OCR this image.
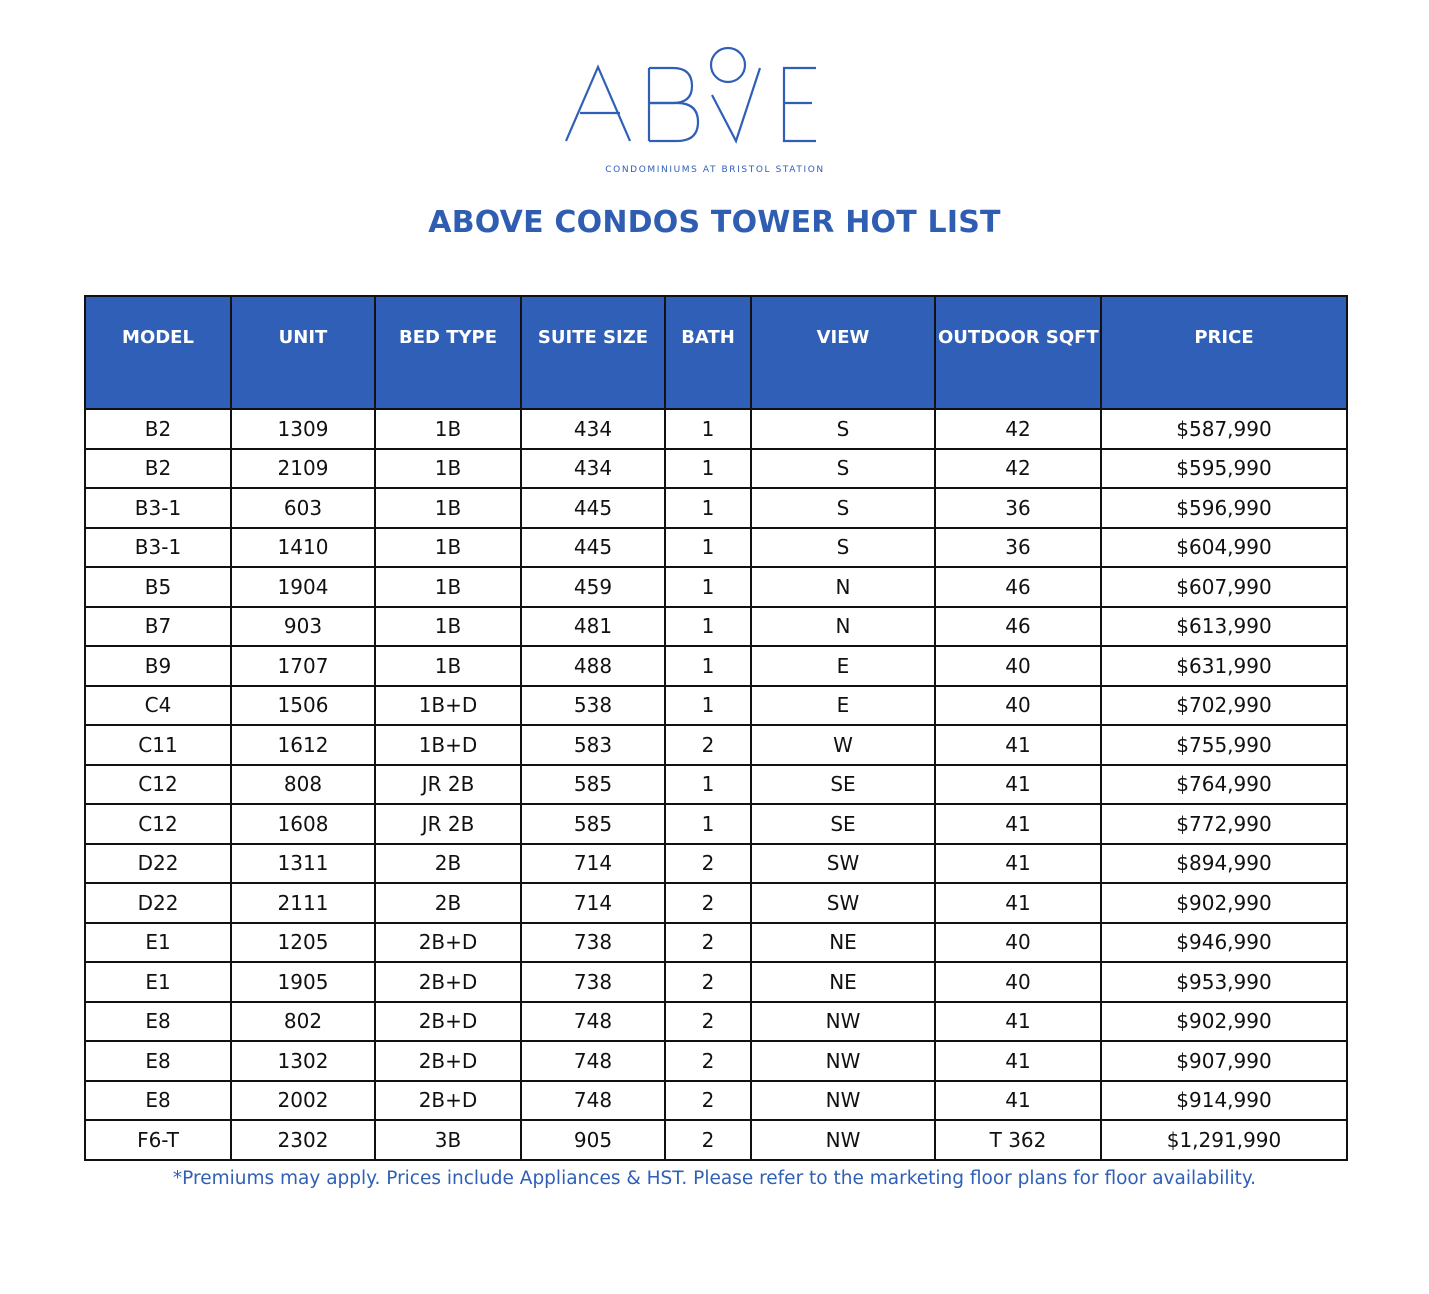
CONDOMINIUMS AT BRISTOL STATION
ABOVE CONDOS TOWER HOT LIST
MODEL	UNIT	BED TYPE	SUITE SIZE	BATH	VIEW	OUTDOOR SQFT	PRICE
B2	1309	1B	434	1	S	42	$587,990
B2	2109	1B	434	1	S	42	$595,990
B3-1	603	1B	445	1	S	36	$596,990
B3-1	1410	1B	445	1	S	36	$604,990
B5	1904	1B	459	1	N	46	$607,990
B7	903	1B	481	1	N	46	$613,990
B9	1707	1B	488	1	E	40	$631,990
C4	1506	1B+D	538	1	E	40	$702,990
C11	1612	1B+D	583	2	W	41	$755,990
C12	808	JR 2B	585	1	SE	41	$764,990
C12	1608	JR 2B	585	1	SE	41	$772,990
D22	1311	2B	714	2	SW	41	$894,990
D22	2111	2B	714	2	SW	41	$902,990
E1	1205	2B+D	738	2	NE	40	$946,990
E1	1905	2B+D	738	2	NE	40	$953,990
E8	802	2B+D	748	2	NW	41	$902,990
E8	1302	2B+D	748	2	NW	41	$907,990
E8	2002	2B+D	748	2	NW	41	$914,990
F6-T	2302	3B	905	2	NW	T 362	$1,291,990
*Premiums may apply. Prices include Appliances & HST. Please refer to the marketing floor plans for floor availability.
